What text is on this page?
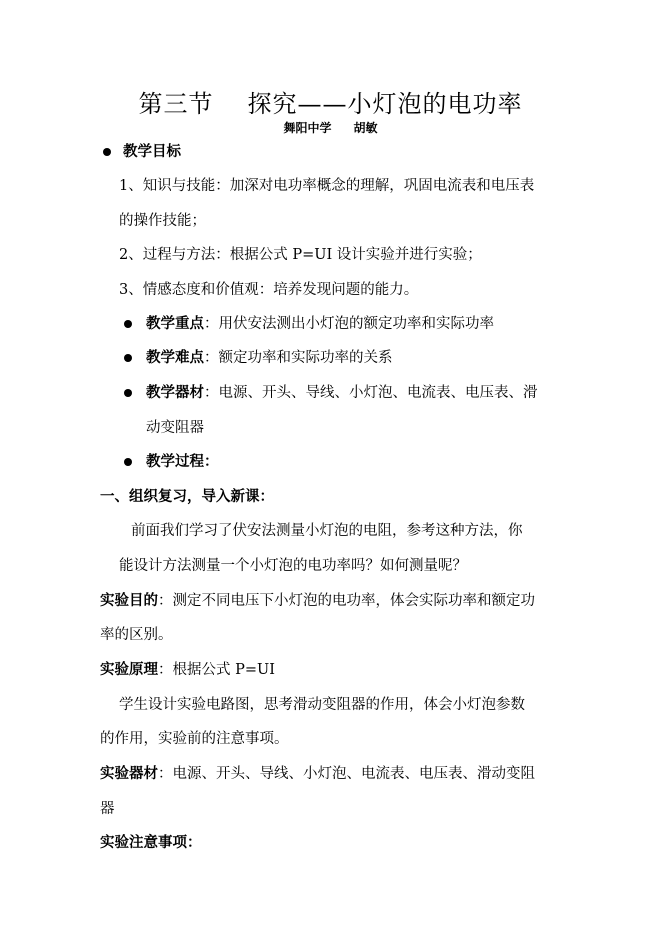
第三节 探究——小灯泡的电功率
舞阳中学 胡敏
教学目标
1、知识与技能：加深对电功率概念的理解，巩固电流表和电压表
的操作技能；
2、过程与方法：根据公式 P=UI 设计实验并进行实验；
3、情感态度和价值观：培养发现问题的能力。
教学重点：用伏安法测出小灯泡的额定功率和实际功率
教学难点：额定功率和实际功率的关系
教学器材：电源、开头、导线、小灯泡、电流表、电压表、滑
动变阻器
教学过程：
一、组织复习，导入新课：
前面我们学习了伏安法测量小灯泡的电阻，参考这种方法，你
能设计方法测量一个小灯泡的电功率吗？如何测量呢？
实验目的：测定不同电压下小灯泡的电功率，体会实际功率和额定功
率的区别。
实验原理：根据公式 P=UI
学生设计实验电路图，思考滑动变阻器的作用，体会小灯泡参数
的作用，实验前的注意事项。
实验器材：电源、开头、导线、小灯泡、电流表、电压表、滑动变阻
器
实验注意事项：
